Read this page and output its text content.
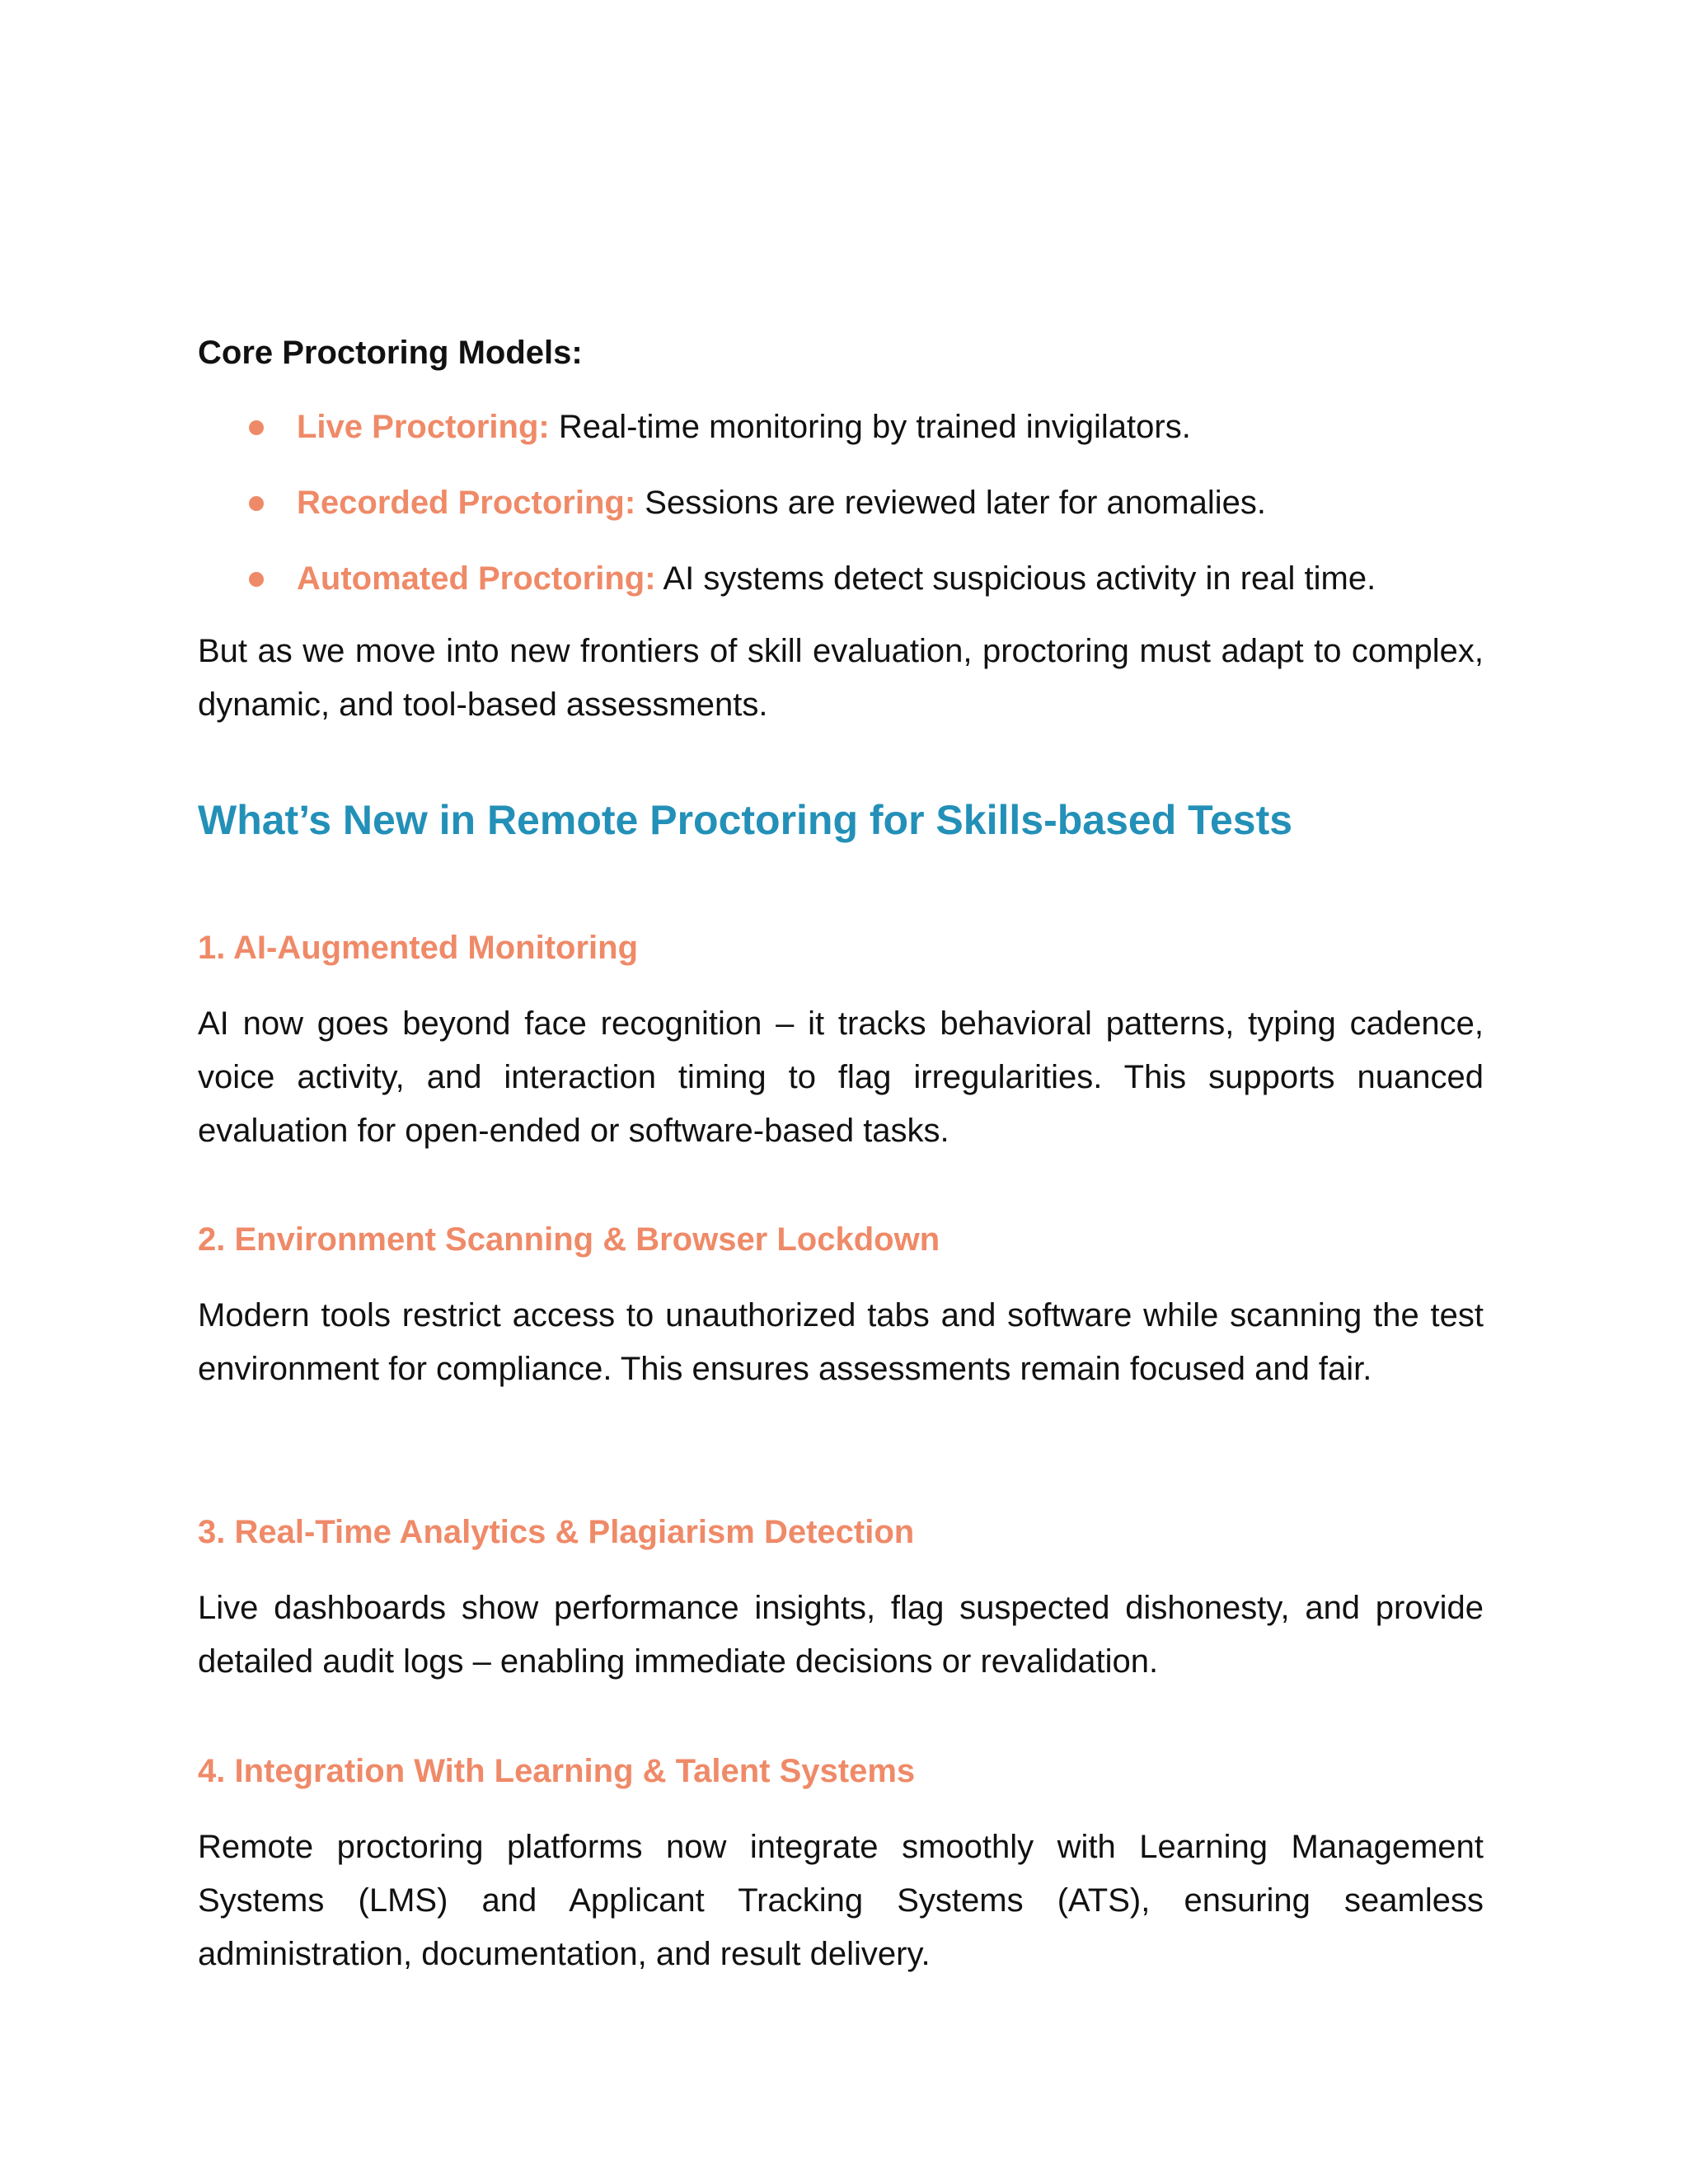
Core Proctoring Models:
Live Proctoring: Real-time monitoring by trained invigilators.
Recorded Proctoring: Sessions are reviewed later for anomalies.
Automated Proctoring: AI systems detect suspicious activity in real time.

But as we move into new frontiers of skill evaluation, proctoring must adapt to complex, dynamic, and tool-based assessments.

What’s New in Remote Proctoring for Skills-based Tests
1. AI-Augmented Monitoring

AI now goes beyond face recognition – it tracks behavioral patterns, typing cadence, voice activity, and interaction timing to flag irregularities. This supports nuanced evaluation for open-ended or software-based tasks.

2. Environment Scanning & Browser Lockdown

Modern tools restrict access to unauthorized tabs and software while scanning the test environment for compliance. This ensures assessments remain focused and fair.

3. Real-Time Analytics & Plagiarism Detection

Live dashboards show performance insights, flag suspected dishonesty, and provide detailed audit logs – enabling immediate decisions or revalidation.

4. Integration With Learning & Talent Systems

Remote proctoring platforms now integrate smoothly with Learning Management Systems (LMS) and Applicant Tracking Systems (ATS), ensuring seamless administration, documentation, and result delivery.
